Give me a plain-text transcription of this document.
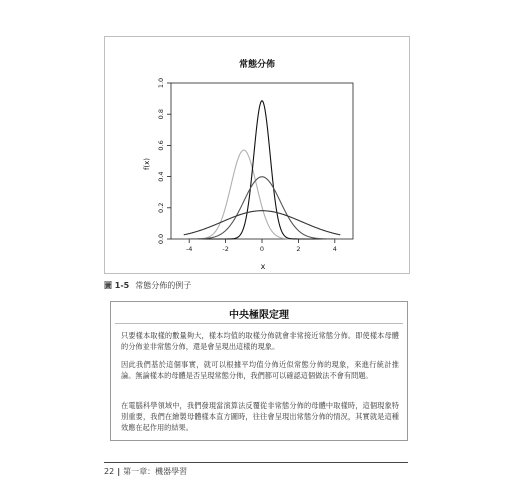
常態分佈
x
f(x)
-4	-2	0	2	4
0.0
0.2
0.4
0.6
0.8
1.0
圖 1-5 常態分佈的例子
中央極限定理

只要樣本取樣的數量夠大，樣本均值的取樣分佈就會非常接近常態分佈。即使樣本母體的分佈並非常態分佈，還是會呈現出這樣的現象。

因此我們基於這個事實，就可以根據平均值分佈近似常態分佈的現象，來進行統計推論。無論樣本的母體是否呈現常態分佈，我們都可以確認這個做法不會有問題。

在電腦科學領域中，我們發現當演算法反覆從非常態分佈的母體中取樣時，這個現象特別重要，我們在繪製母體樣本直方圖時，往往會呈現出常態分佈的情況，其實就是這種效應在起作用的結果。

22 | 第一章：機器學習
